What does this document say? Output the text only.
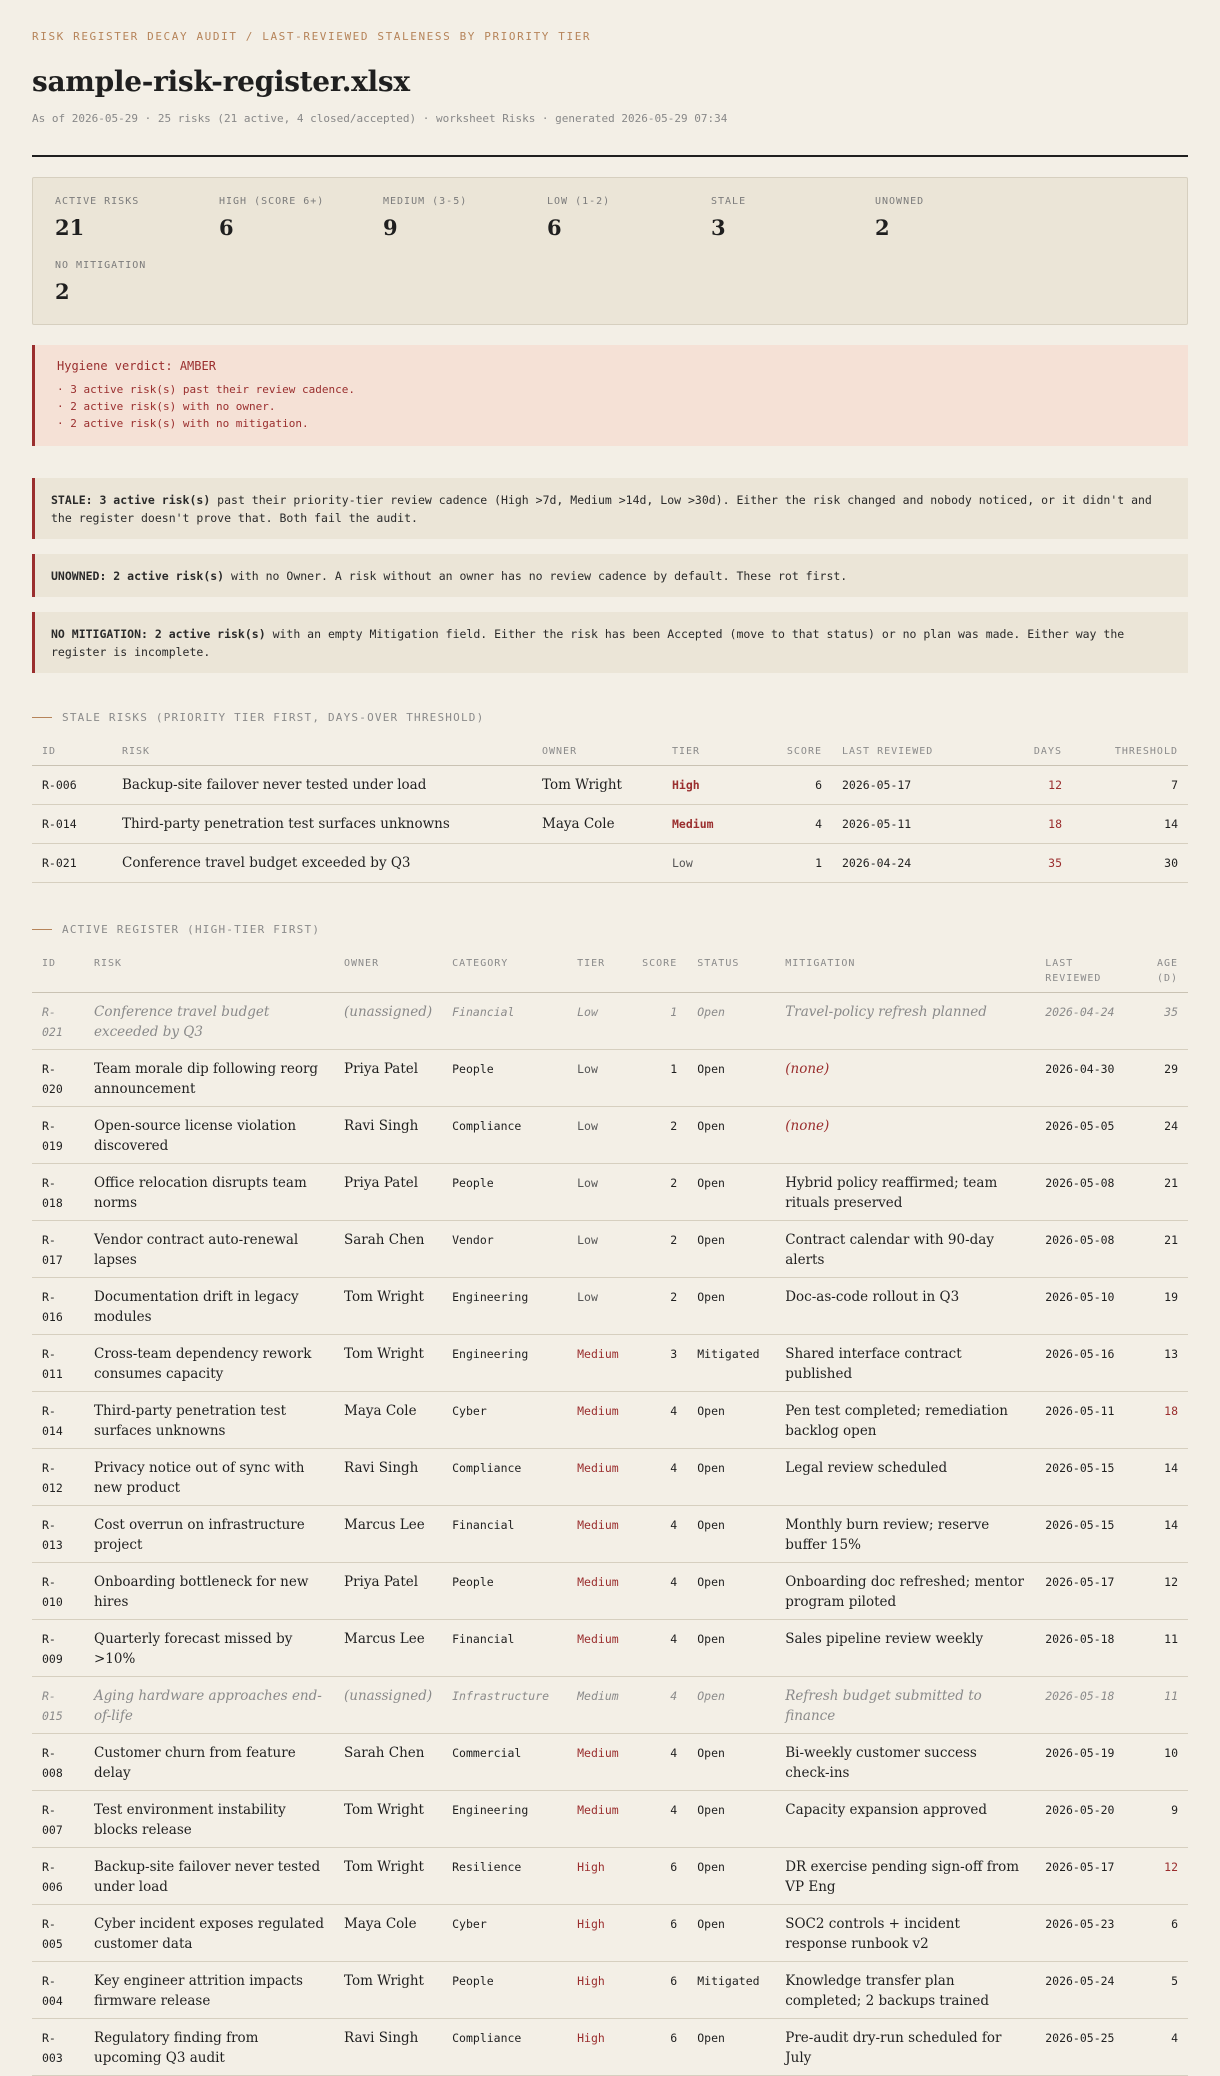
RISK REGISTER DECAY AUDIT / LAST-REVIEWED STALENESS BY PRIORITY TIER
sample-risk-register.xlsx
As of 2026-05-29 · 25 risks (21 active, 4 closed/accepted) · worksheet Risks · generated 2026-05-29 07:34
ACTIVE RISKS
21
HIGH (SCORE 6+)
6
MEDIUM (3-5)
9
LOW (1-2)
6
STALE
3
UNOWNED
2
NO MITIGATION
2
Hygiene verdict: AMBER
· 3 active risk(s) past their review cadence.
· 2 active risk(s) with no owner.
· 2 active risk(s) with no mitigation.
STALE: 3 active risk(s) past their priority-tier review cadence (High >7d, Medium >14d, Low >30d). Either the risk changed and nobody noticed, or it didn't and the register doesn't prove that. Both fail the audit.
UNOWNED: 2 active risk(s) with no Owner. A risk without an owner has no review cadence by default. These rot first.
NO MITIGATION: 2 active risk(s) with an empty Mitigation field. Either the risk has been Accepted (move to that status) or no plan was made. Either way the register is incomplete.
STALE RISKS (PRIORITY TIER FIRST, DAYS-OVER THRESHOLD)
ID	RISK	OWNER	TIER	SCORE	LAST REVIEWED	DAYS	THRESHOLD
R-006	Backup-site failover never tested under load	Tom Wright	High	6	2026-05-17	12	7
R-014	Third-party penetration test surfaces unknowns	Maya Cole	Medium	4	2026-05-11	18	14
R-021	Conference travel budget exceeded by Q3		Low	1	2026-04-24	35	30
ACTIVE REGISTER (HIGH-TIER FIRST)
ID	RISK	OWNER	CATEGORY	TIER	SCORE	STATUS	MITIGATION	LAST REVIEWED	AGE (D)
R-021	Conference travel budget exceeded by Q3	(unassigned)	Financial	Low	1	Open	Travel-policy refresh planned	2026-04-24	35
R-020	Team morale dip following reorg announcement	Priya Patel	People	Low	1	Open	(none)	2026-04-30	29
R-019	Open-source license violation discovered	Ravi Singh	Compliance	Low	2	Open	(none)	2026-05-05	24
R-018	Office relocation disrupts team norms	Priya Patel	People	Low	2	Open	Hybrid policy reaffirmed; team rituals preserved	2026-05-08	21
R-017	Vendor contract auto-renewal lapses	Sarah Chen	Vendor	Low	2	Open	Contract calendar with 90-day alerts	2026-05-08	21
R-016	Documentation drift in legacy modules	Tom Wright	Engineering	Low	2	Open	Doc-as-code rollout in Q3	2026-05-10	19
R-011	Cross-team dependency rework consumes capacity	Tom Wright	Engineering	Medium	3	Mitigated	Shared interface contract published	2026-05-16	13
R-014	Third-party penetration test surfaces unknowns	Maya Cole	Cyber	Medium	4	Open	Pen test completed; remediation backlog open	2026-05-11	18
R-012	Privacy notice out of sync with new product	Ravi Singh	Compliance	Medium	4	Open	Legal review scheduled	2026-05-15	14
R-013	Cost overrun on infrastructure project	Marcus Lee	Financial	Medium	4	Open	Monthly burn review; reserve buffer 15%	2026-05-15	14
R-010	Onboarding bottleneck for new hires	Priya Patel	People	Medium	4	Open	Onboarding doc refreshed; mentor program piloted	2026-05-17	12
R-009	Quarterly forecast missed by >10%	Marcus Lee	Financial	Medium	4	Open	Sales pipeline review weekly	2026-05-18	11
R-015	Aging hardware approaches end-of-life	(unassigned)	Infrastructure	Medium	4	Open	Refresh budget submitted to finance	2026-05-18	11
R-008	Customer churn from feature delay	Sarah Chen	Commercial	Medium	4	Open	Bi-weekly customer success check-ins	2026-05-19	10
R-007	Test environment instability blocks release	Tom Wright	Engineering	Medium	4	Open	Capacity expansion approved	2026-05-20	9
R-006	Backup-site failover never tested under load	Tom Wright	Resilience	High	6	Open	DR exercise pending sign-off from VP Eng	2026-05-17	12
R-005	Cyber incident exposes regulated customer data	Maya Cole	Cyber	High	6	Open	SOC2 controls + incident response runbook v2	2026-05-23	6
R-004	Key engineer attrition impacts firmware release	Tom Wright	People	High	6	Mitigated	Knowledge transfer plan completed; 2 backups trained	2026-05-24	5
R-003	Regulatory finding from upcoming Q3 audit	Ravi Singh	Compliance	High	6	Open	Pre-audit dry-run scheduled for July	2026-05-25	4
